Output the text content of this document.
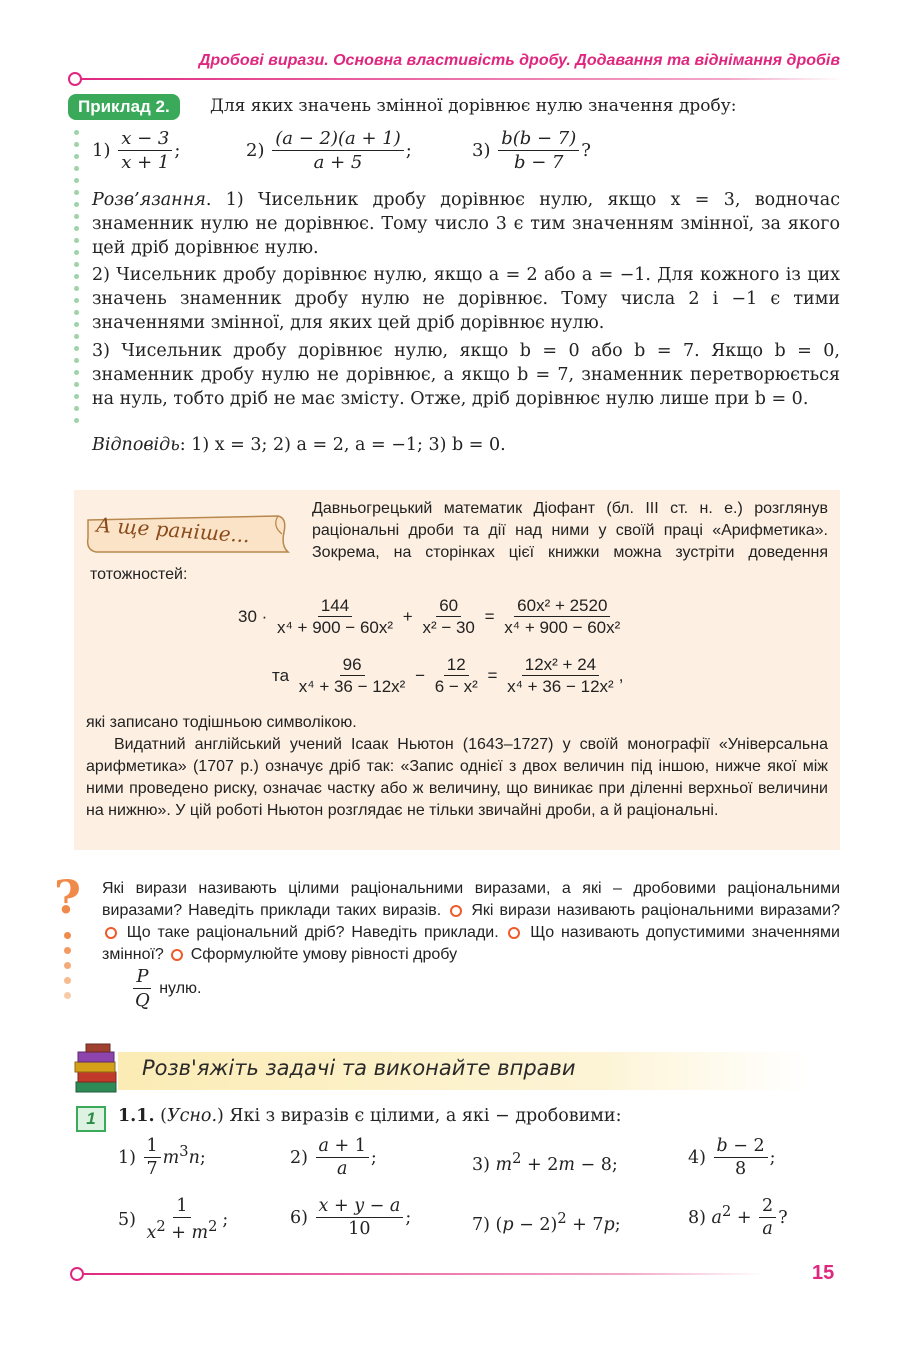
Дробові вирази. Основна властивість дробу. Додавання та віднімання дробів
Приклад 2.	Для яких значень змінної дорівнює нулю значення дробу:
$1) \frac{x - 3}{x + 1}$ ;	$2) \frac{(a - 2)(a + 1)}{a + 5}$ ;	$3) \frac{b(b - 7)}{b - 7}$ ?
Розв’язання. 1) Чисельник дробу дорівнює нулю, якщо x = 3, водночас знаменник нулю не дорівнює. Тому число 3 є тим значенням змінної, за якого цей дріб дорівнює нулю.
2) Чисельник дробу дорівнює нулю, якщо a = 2 або a = −1. Для кожного із цих значень знаменник дробу нулю не дорівнює. Тому числа 2 і −1 є тими значеннями змінної, для яких цей дріб дорівнює нулю.
3) Чисельник дробу дорівнює нулю, якщо b = 0 або b = 7. Якщо b = 0, знаменник дробу нулю не дорівнює, а якщо b = 7, знаменник перетворюється на нуль, тобто дріб не має змісту. Отже, дріб дорівнює нулю лише при b = 0.
Відповідь: 1) x = 3; 2) a = 2, a = −1; 3) b = 0.
А ще раніше...
Давньогрецький математик Діофант (бл. III ст. н. е.) розглянув раціональні дроби та дії над ними у своїй праці «Арифметика». Зокрема, на сторінках цієї книжки можна зустріти доведення тотожностей:
$30 \cdot \frac{144}{\text{x⁴ + 900 − 60x²}} + \frac{60}{\text{x² − 30}} = \frac{\text{60x² + 2520}}{\text{x⁴ + 900 − 60x²}}$
та $\frac{96}{\text{x⁴ + 36 − 12x²}} - \frac{12}{\text{6 − x²}} = \frac{\text{12x² + 24}}{\text{x⁴ + 36 − 12x²}}$ ,
які записано тодішньою символікою.
Видатний англійський учений Ісаак Ньютон (1643–1727) у своїй монографії «Універсальна арифметика» (1707 р.) означує дріб так: «Запис однієї з двох величин під іншою, нижче якої між ними проведено риску, означає частку або ж величину, що виникає при діленні верхньої величини на нижню». У цій роботі Ньютон розглядає не тільки звичайні дроби, а й раціональні.
? Які вирази називають цілими раціональними виразами, а які – дробовими раціональними виразами? Наведіть приклади таких виразів. Які вирази називають раціональними виразами?  Що таке раціональний дріб? Наведіть приклади. Що називають допустимими значеннями змінної? Сформулюйте умову рівності дробу
$\frac{P}{Q}$ нулю.
Розв'яжіть задачі та виконайте вправи
1	1.1. (Усно.) Які з виразів є цілими, а які − дробовими:
$1) \frac{1}{7} m^3n$;	$2) \frac{a + 1}{a}$ ;	3) $m^2 + 2m - 8$;	$4) \frac{b - 2}{8}$ ;
$5) \frac{1}{x^2 + m^2}$ ;	$6) \frac{x + y - a}{10}$ ;	7) $(p - 2)^2 + 7p$;	8) $a^2 + \frac{2}{a}$ ?
15
